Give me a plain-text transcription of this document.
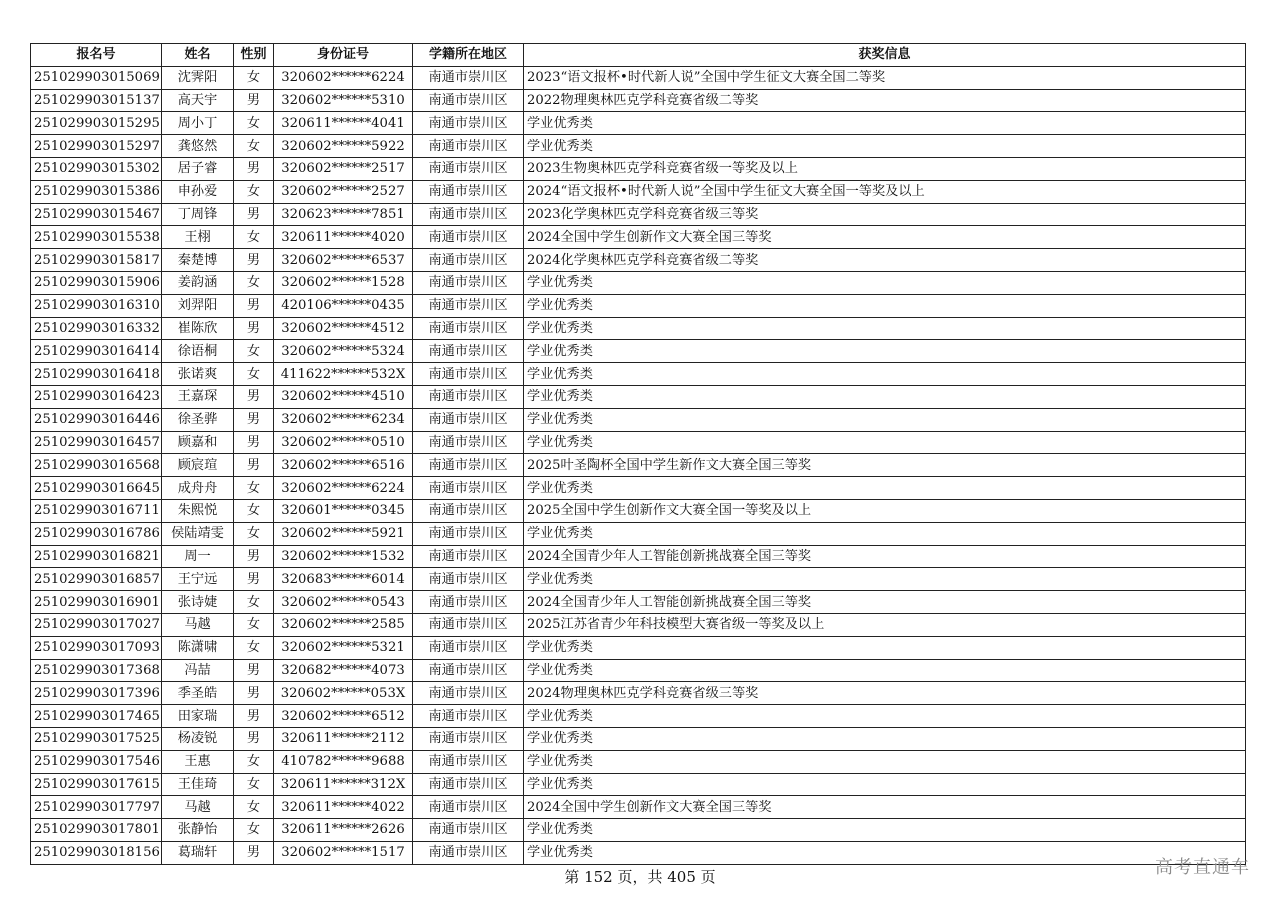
报名号	姓名	性别	身份证号	学籍所在地区	获奖信息
251029903015069	沈霁阳	女	320602******6224	南通市崇川区	2023“语文报杯•时代新人说”全国中学生征文大赛全国二等奖
251029903015137	高天宇	男	320602******5310	南通市崇川区	2022物理奥林匹克学科竞赛省级二等奖
251029903015295	周小丁	女	320611******4041	南通市崇川区	学业优秀类
251029903015297	龚悠然	女	320602******5922	南通市崇川区	学业优秀类
251029903015302	居子睿	男	320602******2517	南通市崇川区	2023生物奥林匹克学科竞赛省级一等奖及以上
251029903015386	申孙爱	女	320602******2527	南通市崇川区	2024“语文报杯•时代新人说”全国中学生征文大赛全国一等奖及以上
251029903015467	丁周锋	男	320623******7851	南通市崇川区	2023化学奥林匹克学科竞赛省级三等奖
251029903015538	王栩	女	320611******4020	南通市崇川区	2024全国中学生创新作文大赛全国三等奖
251029903015817	秦楚博	男	320602******6537	南通市崇川区	2024化学奥林匹克学科竞赛省级二等奖
251029903015906	姜韵涵	女	320602******1528	南通市崇川区	学业优秀类
251029903016310	刘羿阳	男	420106******0435	南通市崇川区	学业优秀类
251029903016332	崔陈欣	男	320602******4512	南通市崇川区	学业优秀类
251029903016414	徐语桐	女	320602******5324	南通市崇川区	学业优秀类
251029903016418	张诺爽	女	411622******532X	南通市崇川区	学业优秀类
251029903016423	王嘉琛	男	320602******4510	南通市崇川区	学业优秀类
251029903016446	徐圣骅	男	320602******6234	南通市崇川区	学业优秀类
251029903016457	顾嘉和	男	320602******0510	南通市崇川区	学业优秀类
251029903016568	顾宸瑄	男	320602******6516	南通市崇川区	2025叶圣陶杯全国中学生新作文大赛全国三等奖
251029903016645	成舟舟	女	320602******6224	南通市崇川区	学业优秀类
251029903016711	朱熙悦	女	320601******0345	南通市崇川区	2025全国中学生创新作文大赛全国一等奖及以上
251029903016786	侯陆靖雯	女	320602******5921	南通市崇川区	学业优秀类
251029903016821	周一	男	320602******1532	南通市崇川区	2024全国青少年人工智能创新挑战赛全国三等奖
251029903016857	王宁远	男	320683******6014	南通市崇川区	学业优秀类
251029903016901	张诗婕	女	320602******0543	南通市崇川区	2024全国青少年人工智能创新挑战赛全国三等奖
251029903017027	马越	女	320602******2585	南通市崇川区	2025江苏省青少年科技模型大赛省级一等奖及以上
251029903017093	陈潇啸	女	320602******5321	南通市崇川区	学业优秀类
251029903017368	冯喆	男	320682******4073	南通市崇川区	学业优秀类
251029903017396	季圣皓	男	320602******053X	南通市崇川区	2024物理奥林匹克学科竞赛省级三等奖
251029903017465	田家瑞	男	320602******6512	南通市崇川区	学业优秀类
251029903017525	杨凌锐	男	320611******2112	南通市崇川区	学业优秀类
251029903017546	王惠	女	410782******9688	南通市崇川区	学业优秀类
251029903017615	王佳琦	女	320611******312X	南通市崇川区	学业优秀类
251029903017797	马越	女	320611******4022	南通市崇川区	2024全国中学生创新作文大赛全国三等奖
251029903017801	张静怡	女	320611******2626	南通市崇川区	学业优秀类
251029903018156	葛瑞轩	男	320602******1517	南通市崇川区	学业优秀类
第 152 页，共 405 页	高考直通车
